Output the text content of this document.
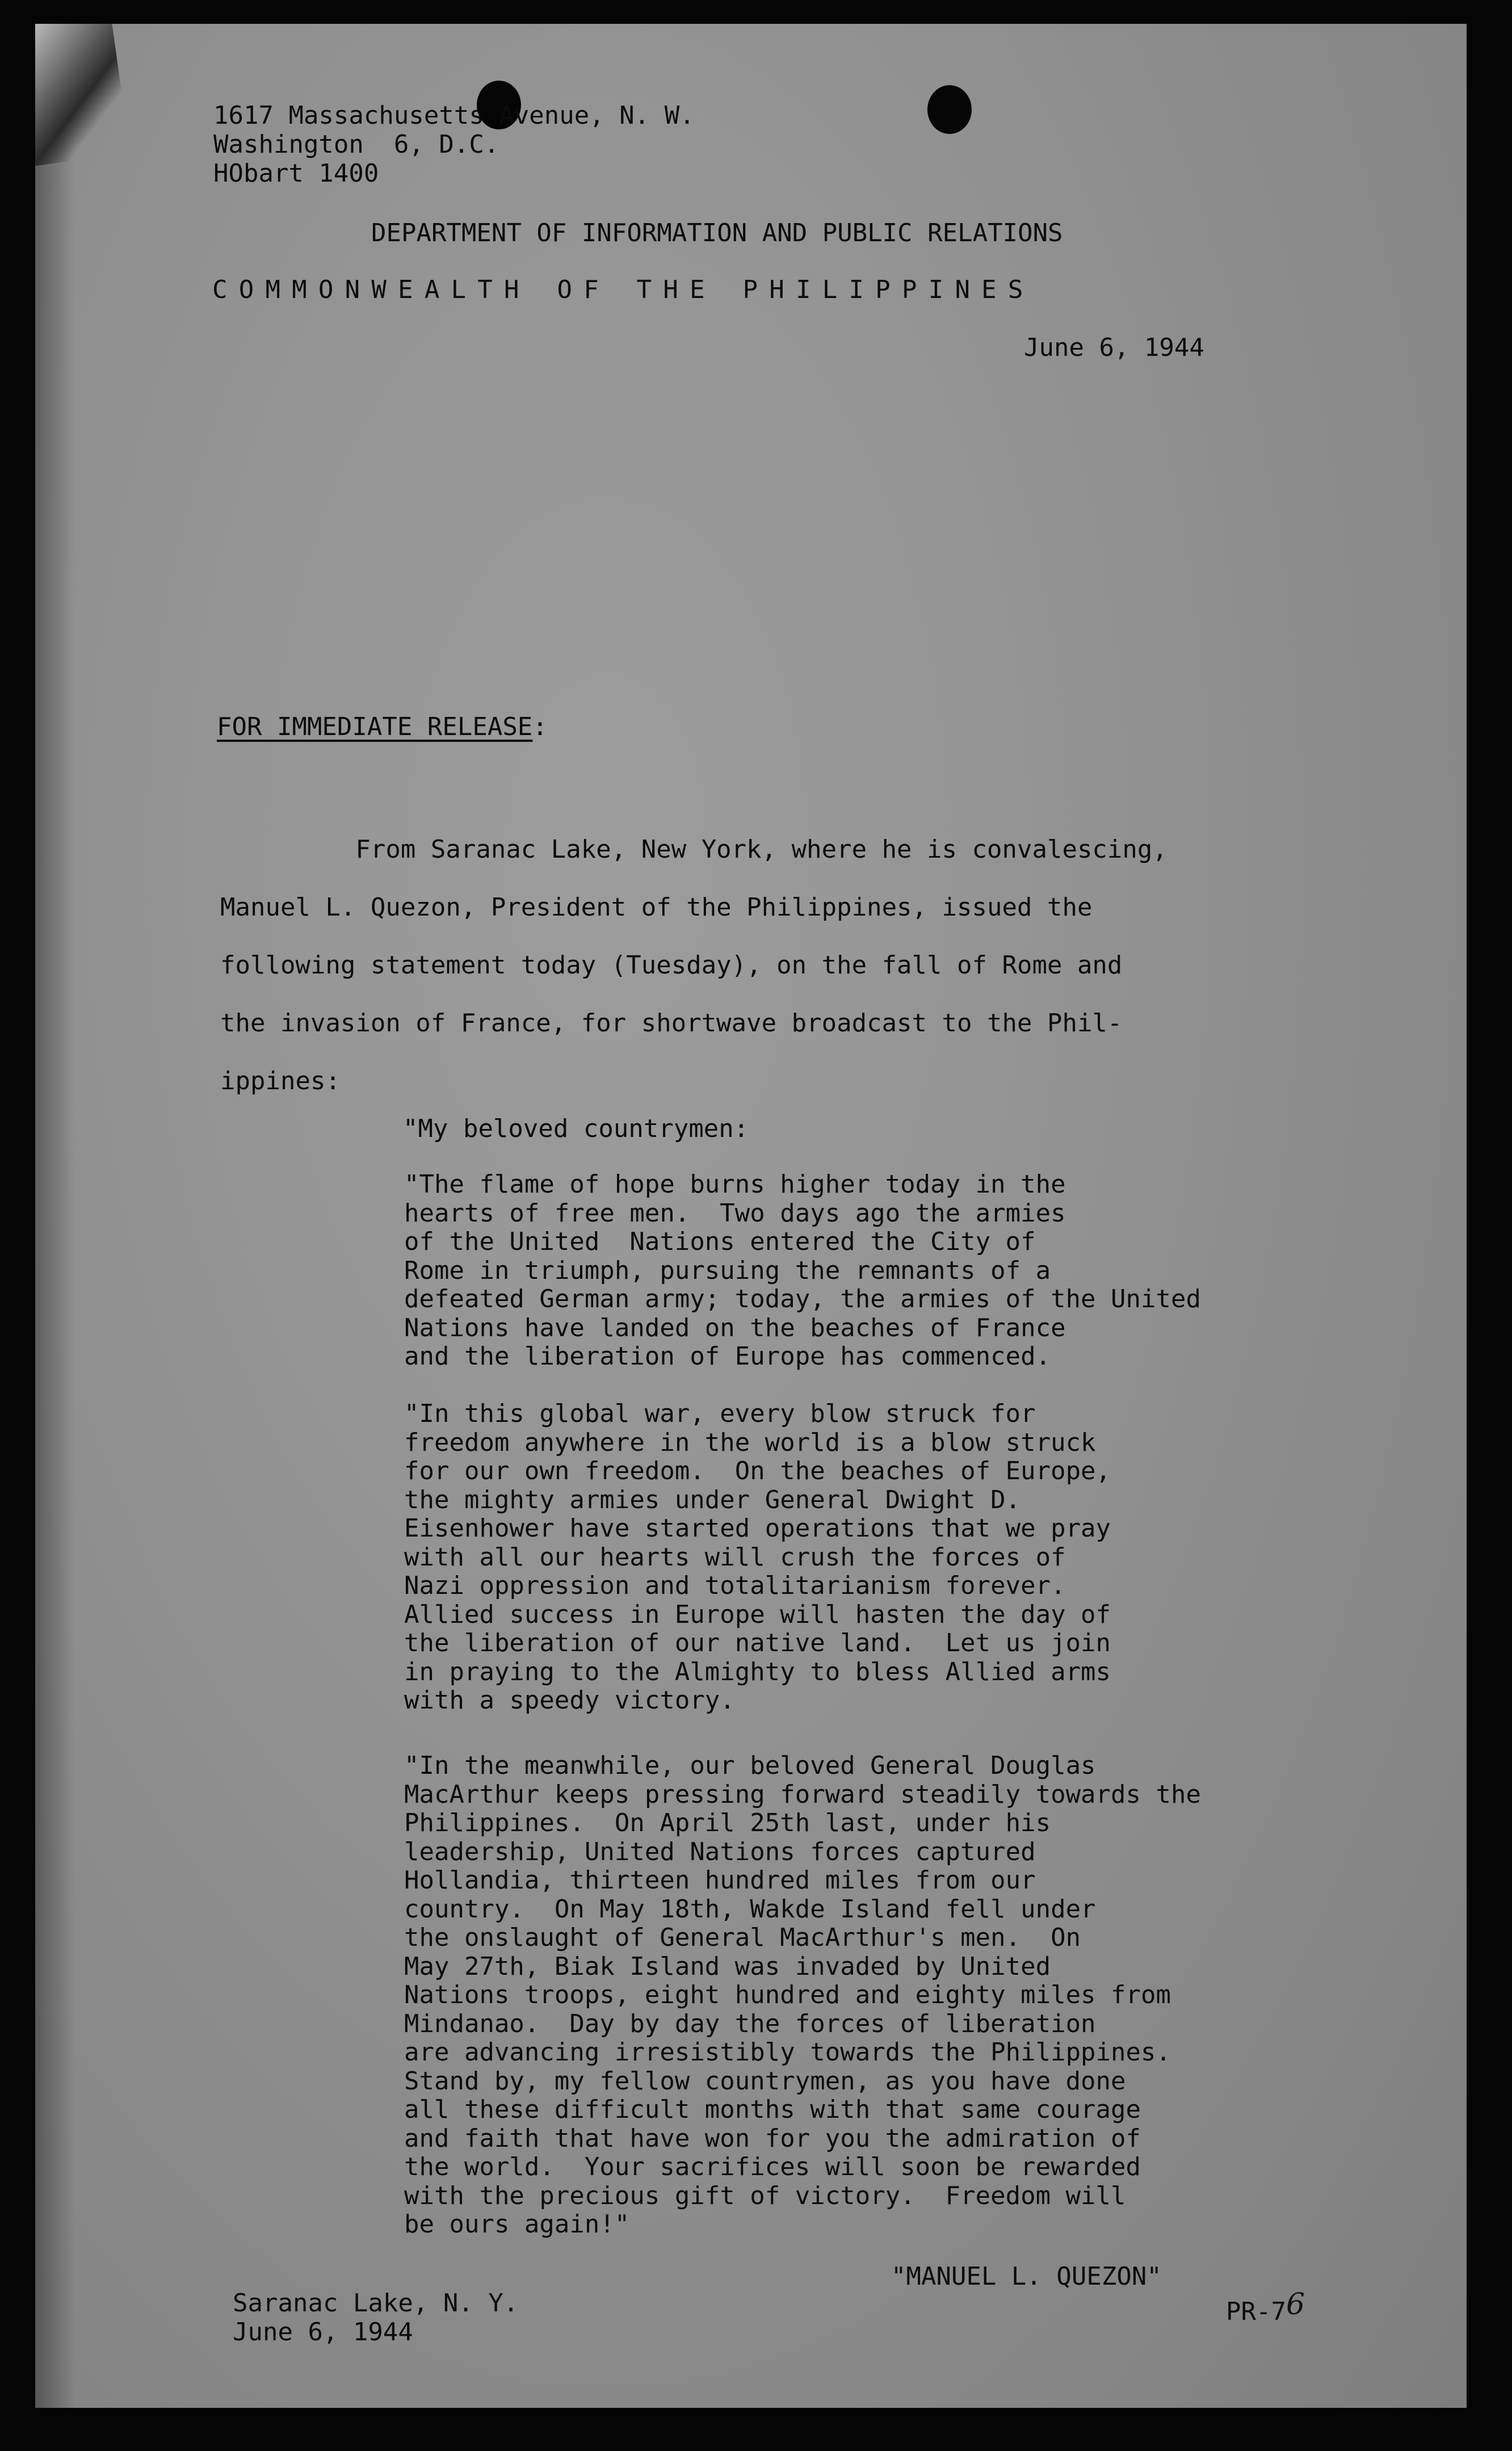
1617 Massachusetts Avenue, N. W.
Washington  6, D.C.
HObart 1400
DEPARTMENT OF INFORMATION AND PUBLIC RELATIONS
COMMONWEALTH OF THE PHILIPPINES
June 6, 1944
FOR IMMEDIATE RELEASE:
From Saranac Lake, New York, where he is convalescing,
Manuel L. Quezon, President of the Philippines, issued the
following statement today (Tuesday), on the fall of Rome and
the invasion of France, for shortwave broadcast to the Phil-
ippines:
"My beloved countrymen:
"The flame of hope burns higher today in the
hearts of free men.  Two days ago the armies
of the United  Nations entered the City of
Rome in triumph, pursuing the remnants of a
defeated German army; today, the armies of the United
Nations have landed on the beaches of France
and the liberation of Europe has commenced.
"In this global war, every blow struck for
freedom anywhere in the world is a blow struck
for our own freedom.  On the beaches of Europe,
the mighty armies under General Dwight D.
Eisenhower have started operations that we pray
with all our hearts will crush the forces of
Nazi oppression and totalitarianism forever.
Allied success in Europe will hasten the day of
the liberation of our native land.  Let us join
in praying to the Almighty to bless Allied arms
with a speedy victory.
"In the meanwhile, our beloved General Douglas
MacArthur keeps pressing forward steadily towards the
Philippines.  On April 25th last, under his
leadership, United Nations forces captured
Hollandia, thirteen hundred miles from our
country.  On May 18th, Wakde Island fell under
the onslaught of General MacArthur's men.  On
May 27th, Biak Island was invaded by United
Nations troops, eight hundred and eighty miles from
Mindanao.  Day by day the forces of liberation
are advancing irresistibly towards the Philippines.
Stand by, my fellow countrymen, as you have done
all these difficult months with that same courage
and faith that have won for you the admiration of
the world.  Your sacrifices will soon be rewarded
with the precious gift of victory.  Freedom will
be ours again!"
"MANUEL L. QUEZON"
Saranac Lake, N. Y.
June 6, 1944
PR-76
